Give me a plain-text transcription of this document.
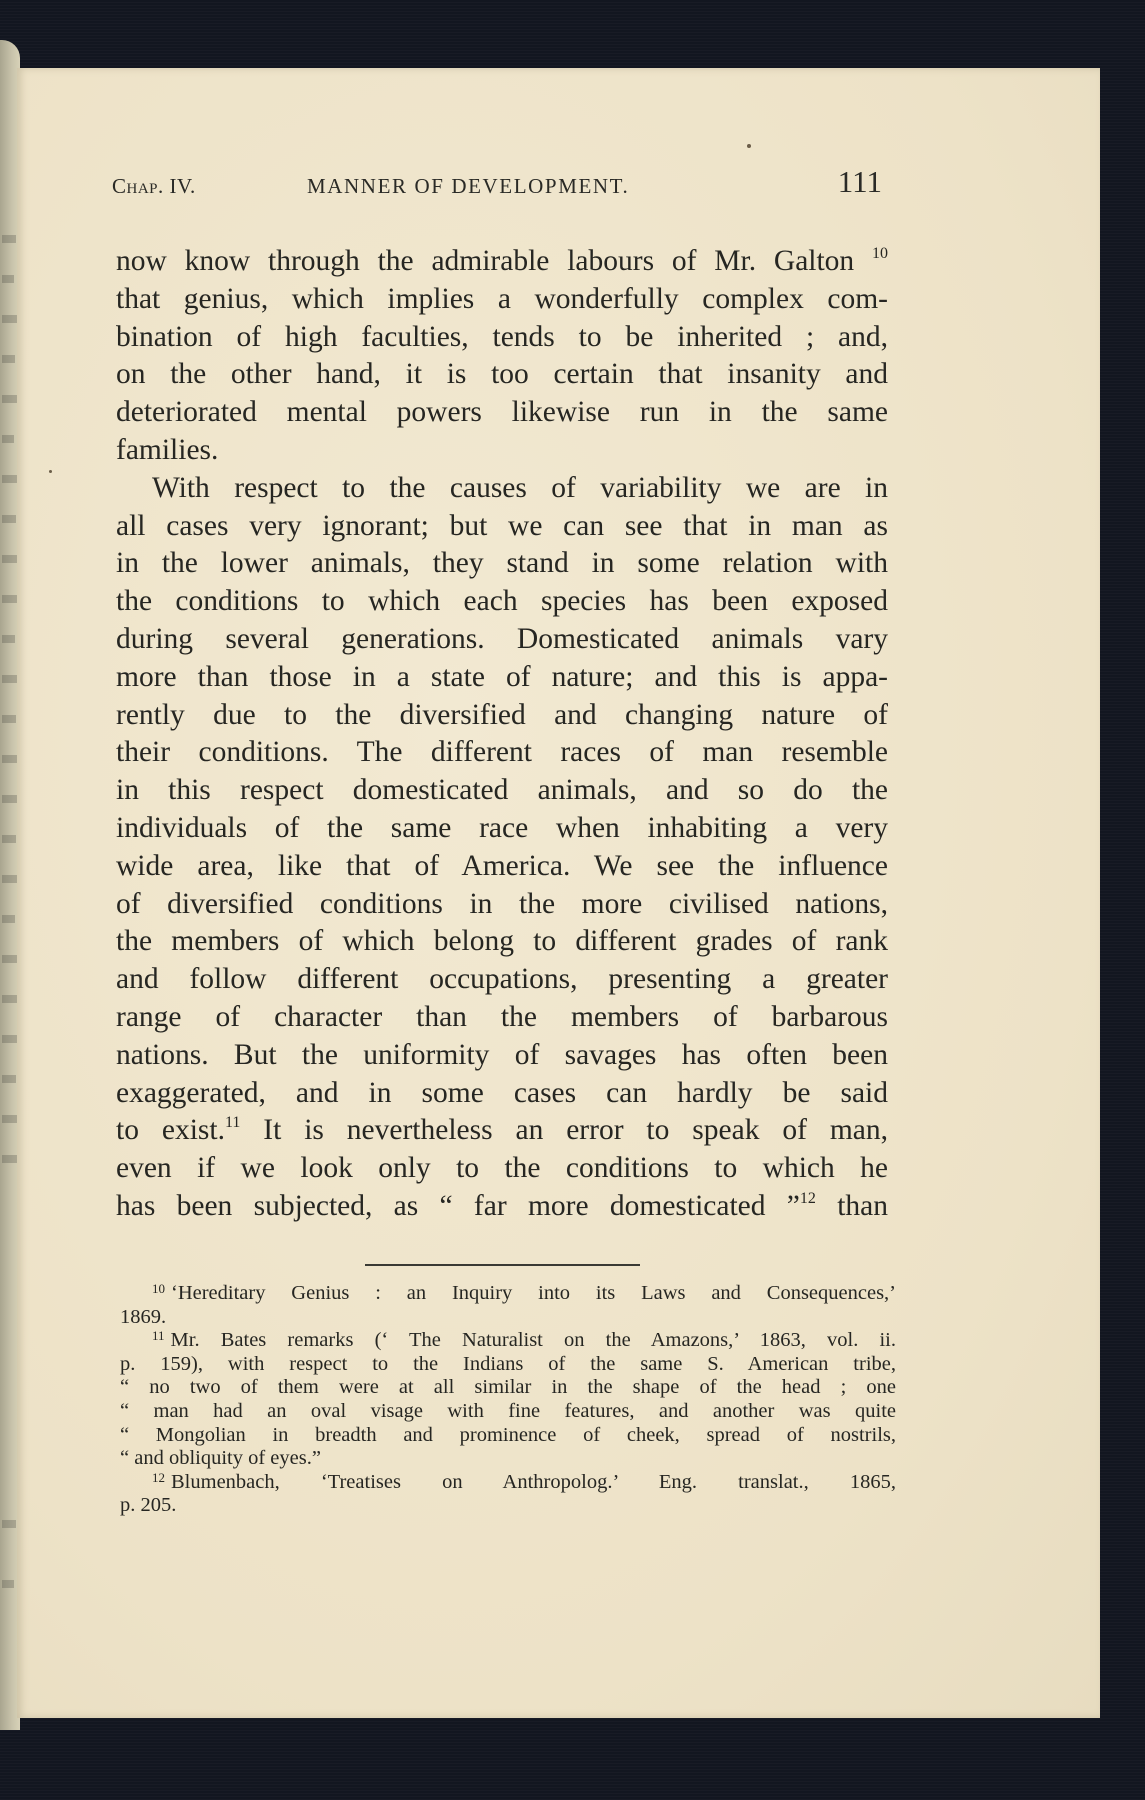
Chap. IV.	MANNER OF DEVELOPMENT.	111
now know through the admirable labours of Mr. Galton $^{10}$
that genius, which implies a wonderfully complex com-
bination of high faculties, tends to be inherited ; and,
on the other hand, it is too certain that insanity and
deteriorated mental powers likewise run in the same
families.
With respect to the causes of variability we are in
all cases very ignorant; but we can see that in man as
in the lower animals, they stand in some relation with
the conditions to which each species has been exposed
during several generations. Domesticated animals vary
more than those in a state of nature; and this is appa-
rently due to the diversified and changing nature of
their conditions. The different races of man resemble
in this respect domesticated animals, and so do the
individuals of the same race when inhabiting a very
wide area, like that of America. We see the influence
of diversified conditions in the more civilised nations,
the members of which belong to different grades of rank
and follow different occupations, presenting a greater
range of character than the members of barbarous
nations. But the uniformity of savages has often been
exaggerated, and in some cases can hardly be said
to exist.$^{11}$ It is nevertheless an error to speak of man,
even if we look only to the conditions to which he
has been subjected, as “ far more domesticated ”$^{12}$ than
$^{10}$ ‘Hereditary Genius : an Inquiry into its Laws and Consequences,’
1869.
$^{11}$ Mr. Bates remarks (‘ The Naturalist on the Amazons,’ 1863, vol. ii.
p. 159), with respect to the Indians of the same S. American tribe,
“ no two of them were at all similar in the shape of the head ; one
“ man had an oval visage with fine features, and another was quite
“ Mongolian in breadth and prominence of cheek, spread of nostrils,
“ and obliquity of eyes.”
$^{12}$ Blumenbach, ‘Treatises on Anthropolog.’ Eng. translat., 1865,
p. 205.
